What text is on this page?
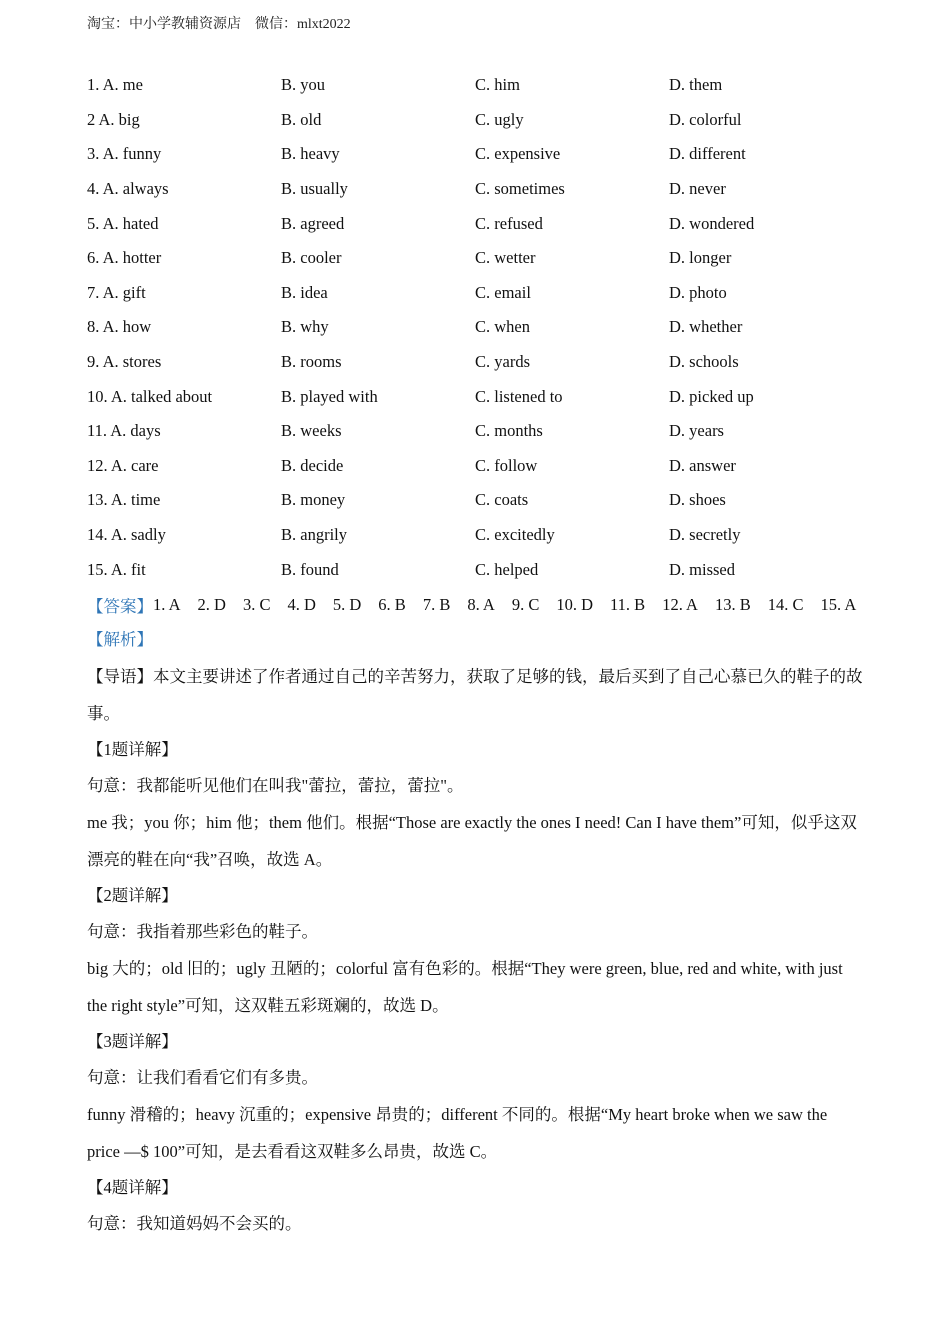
淘宝：中小学教辅资源店    微信：mlxt2022
1. A. me	B. you	C. him	D. them
2 A. big	B. old	C. ugly	D. colorful
3. A. funny	B. heavy	C. expensive	D. different
4. A. always	B. usually	C. sometimes	D. never
5. A. hated	B. agreed	C. refused	D. wondered
6. A. hotter	B. cooler	C. wetter	D. longer
7. A. gift	B. idea	C. email	D. photo
8. A. how	B. why	C. when	D. whether
9. A. stores	B. rooms	C. yards	D. schools
10. A. talked about	B. played with	C. listened to	D. picked up
11. A. days	B. weeks	C. months	D. years
12. A. care	B. decide	C. follow	D. answer
13. A. time	B. money	C. coats	D. shoes
14. A. sadly	B. angrily	C. excitedly	D. secretly
15. A. fit	B. found	C. helped	D. missed
【答案】 1. A 2. D 3. C 4. D 5. D 6. B 7. B 8. A 9. C 10. D 11. B 12. A 13. B 14. C 15. A
【解析】
【导语】本文主要讲述了作者通过自己的辛苦努力，获取了足够的钱，最后买到了自己心慕已久的鞋子的故事。
【1题详解】
句意：我都能听见他们在叫我"蕾拉，蕾拉，蕾拉"。
me 我；you 你；him 他；them 他们。根据“Those are exactly the ones I need! Can I have them”可知，似乎这双漂亮的鞋在向“我”召唤，故选 A。
【2题详解】
句意：我指着那些彩色的鞋子。
big 大的；old 旧的；ugly 丑陋的；colorful 富有色彩的。根据“They were green, blue, red and white, with just the right style”可知，这双鞋五彩斑斓的，故选 D。
【3题详解】
句意：让我们看看它们有多贵。
funny 滑稽的；heavy 沉重的；expensive 昂贵的；different 不同的。根据“My heart broke when we saw the price —$ 100”可知，是去看看这双鞋多么昂贵，故选 C。
【4题详解】
句意：我知道妈妈不会买的。
